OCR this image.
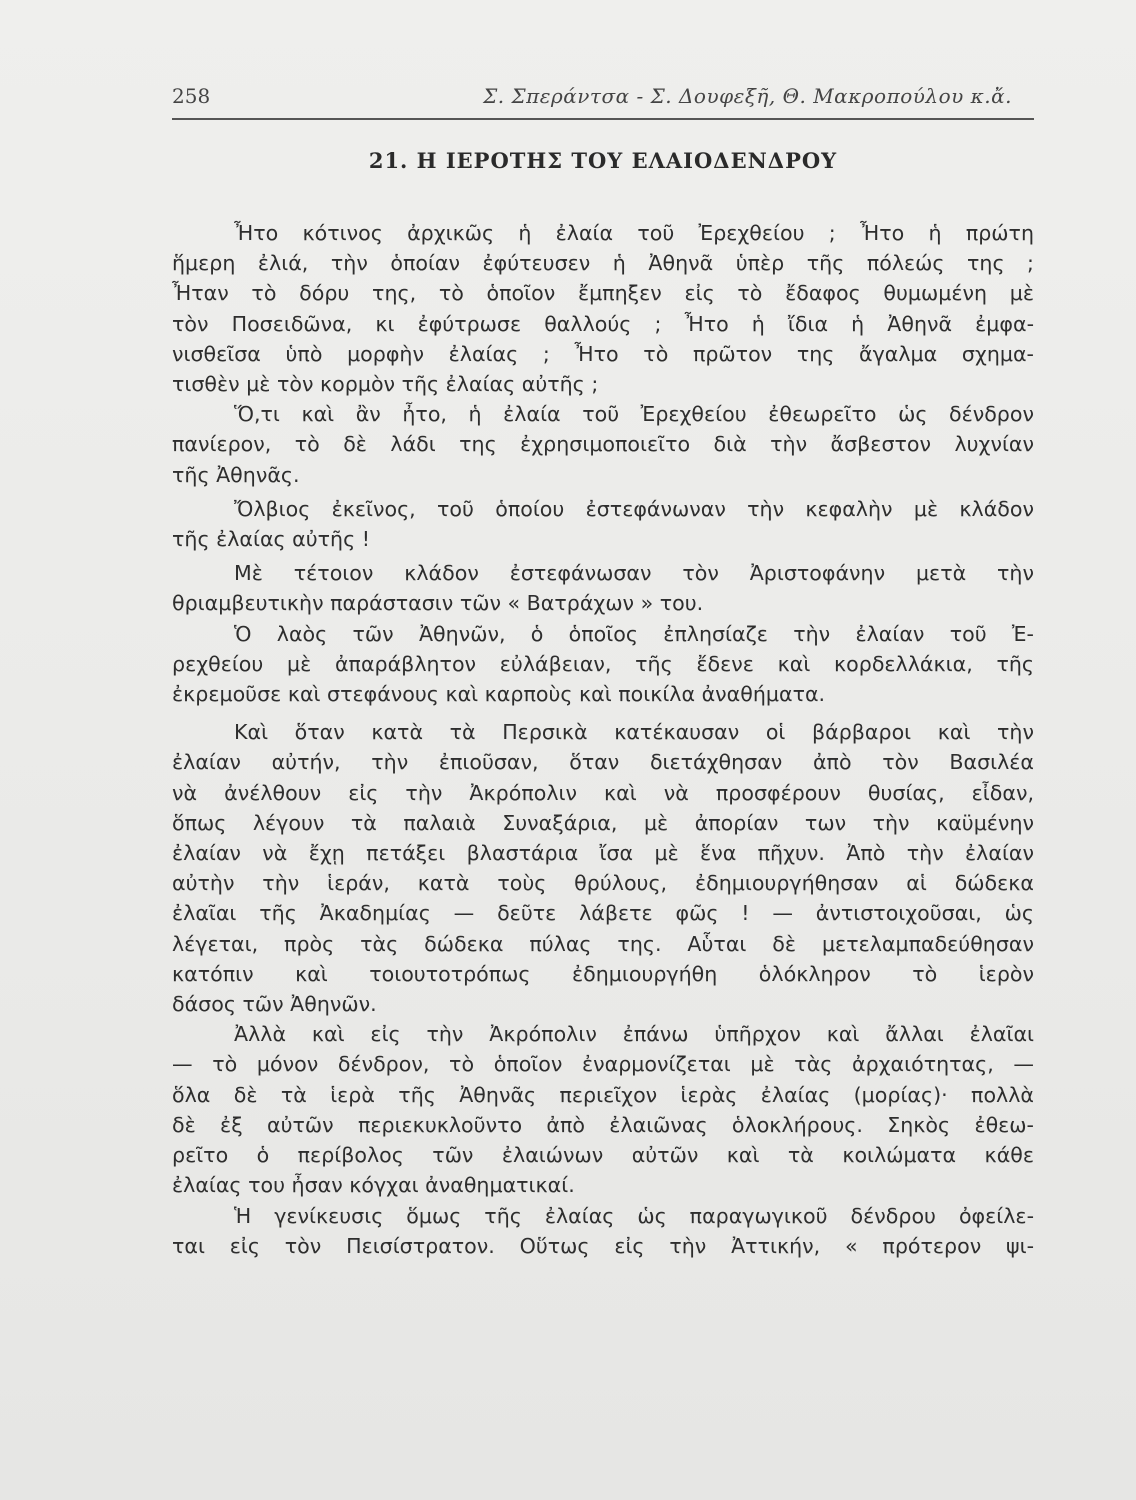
258	Σ. Σπεράντσα - Σ. Δουφεξῆ, Θ. Μακροπούλου κ.ἄ.
21. Η ΙΕΡΟΤΗΣ ΤΟΥ ΕΛΑΙΟΔΕΝΔΡΟΥ

Ἦτο κότινος ἀρχικῶς ἡ ἐλαία τοῦ Ἐρεχθείου ; Ἦτο ἡ πρώτη
ἥμερη ἐλιά, τὴν ὁποίαν ἐφύτευσεν ἡ Ἀθηνᾶ ὑπὲρ τῆς πόλεώς της ;
Ἦταν τὸ δόρυ της, τὸ ὁποῖον ἔμπηξεν εἰς τὸ ἔδαφος θυμωμένη μὲ
τὸν Ποσειδῶνα, κι ἐφύτρωσε θαλλούς ; Ἦτο ἡ ἴδια ἡ Ἀθηνᾶ ἐμφα-
νισθεῖσα ὑπὸ μορφὴν ἐλαίας ; Ἦτο τὸ πρῶτον της ἄγαλμα σχημα-
τισθὲν μὲ τὸν κορμὸν τῆς ἐλαίας αὐτῆς ;

Ὅ,τι καὶ ἂν ἦτο, ἡ ἐλαία τοῦ Ἐρεχθείου ἐθεωρεῖτο ὡς δένδρον
πανίερον, τὸ δὲ λάδι της ἐχρησιμοποιεῖτο διὰ τὴν ἄσβεστον λυχνίαν
τῆς Ἀθηνᾶς.

Ὄλβιος ἐκεῖνος, τοῦ ὁποίου ἐστεφάνωναν τὴν κεφαλὴν μὲ κλάδον
τῆς ἐλαίας αὐτῆς !

Μὲ τέτοιον κλάδον ἐστεφάνωσαν τὸν Ἀριστοφάνην μετὰ τὴν
θριαμβευτικὴν παράστασιν τῶν « Βατράχων » του.

Ὁ λαὸς τῶν Ἀθηνῶν, ὁ ὁποῖος ἐπλησίαζε τὴν ἐλαίαν τοῦ Ἐ-
ρεχθείου μὲ ἀπαράβλητον εὐλάβειαν, τῆς ἔδενε καὶ κορδελλάκια, τῆς
ἐκρεμοῦσε καὶ στεφάνους καὶ καρποὺς καὶ ποικίλα ἀναθήματα.

Καὶ ὅταν κατὰ τὰ Περσικὰ κατέκαυσαν οἱ βάρβαροι καὶ τὴν
ἐλαίαν αὐτήν, τὴν ἐπιοῦσαν, ὅταν διετάχθησαν ἀπὸ τὸν Βασιλέα
νὰ ἀνέλθουν εἰς τὴν Ἀκρόπολιν καὶ νὰ προσφέρουν θυσίας, εἶδαν,
ὅπως λέγουν τὰ παλαιὰ Συναξάρια, μὲ ἀπορίαν των τὴν καϋμένην
ἐλαίαν νὰ ἔχῃ πετάξει βλαστάρια ἴσα μὲ ἕνα πῆχυν. Ἀπὸ τὴν ἐλαίαν
αὐτὴν τὴν ἱεράν, κατὰ τοὺς θρύλους, ἐδημιουργήθησαν αἱ δώδεκα
ἐλαῖαι τῆς Ἀκαδημίας — δεῦτε λάβετε φῶς ! — ἀντιστοιχοῦσαι, ὡς
λέγεται, πρὸς τὰς δώδεκα πύλας της. Αὗται δὲ μετελαμπαδεύθησαν
κατόπιν καὶ τοιουτοτρόπως ἐδημιουργήθη ὁλόκληρον τὸ ἱερὸν
δάσος τῶν Ἀθηνῶν.

Ἀλλὰ καὶ εἰς τὴν Ἀκρόπολιν ἐπάνω ὑπῆρχον καὶ ἄλλαι ἐλαῖαι
— τὸ μόνον δένδρον, τὸ ὁποῖον ἐναρμονίζεται μὲ τὰς ἀρχαιότητας, —
ὅλα δὲ τὰ ἱερὰ τῆς Ἀθηνᾶς περιεῖχον ἱερὰς ἐλαίας (μορίας)· πολλὰ
δὲ ἐξ αὐτῶν περιεκυκλοῦντο ἀπὸ ἐλαιῶνας ὁλοκλήρους. Σηκὸς ἐθεω-
ρεῖτο ὁ περίβολος τῶν ἐλαιώνων αὐτῶν καὶ τὰ κοιλώματα κάθε
ἐλαίας του ἦσαν κόγχαι ἀναθηματικαί.

Ἡ γενίκευσις ὅμως τῆς ἐλαίας ὡς παραγωγικοῦ δένδρου ὀφείλε-
ται εἰς τὸν Πεισίστρατον. Οὕτως εἰς τὴν Ἀττικήν, « πρότερον ψι-
